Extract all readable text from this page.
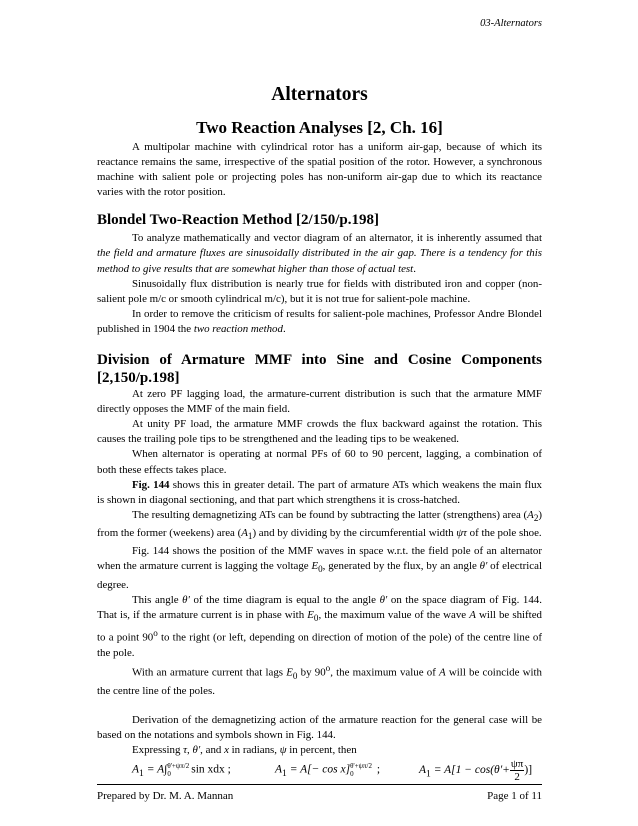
03-Alternators
Alternators
Two Reaction Analyses [2, Ch. 16]

A multipolar machine with cylindrical rotor has a uniform air-gap, because of which its reactance remains the same, irrespective of the spatial position of the rotor. However, a synchronous machine with salient pole or projecting poles has non-uniform air-gap due to which its reactance varies with the rotor position.

Blondel Two-Reaction Method [2/150/p.198]

To analyze mathematically and vector diagram of an alternator, it is inherently assumed that the field and armature fluxes are sinusoidally distributed in the air gap. There is a tendency for this method to give results that are somewhat higher than those of actual test.

Sinusoidally flux distribution is nearly true for fields with distributed iron and copper (non-salient pole m/c or smooth cylindrical m/c), but it is not true for salient-pole machine.

In order to remove the criticism of results for salient-pole machines, Professor Andre Blondel published in 1904 the two reaction method.

Division of Armature MMF into Sine and Cosine Components [2,150/p.198]

At zero PF lagging load, the armature-current distribution is such that the armature MMF directly opposes the MMF of the main field.

At unity PF load, the armature MMF crowds the flux backward against the rotation. This causes the trailing pole tips to be strengthened and the leading tips to be weakened.

When alternator is operating at normal PFs of 60 to 90 percent, lagging, a combination of both these effects takes place.

Fig. 144 shows this in greater detail. The part of armature ATs which weakens the main flux is shown in diagonal sectioning, and that part which strengthens it is cross-hatched.

The resulting demagnetizing ATs can be found by subtracting the latter (strengthens) area $(A_2)$ from the former (weekens) area $(A_1)$ and by dividing by the circumferential width ψτ of the pole shoe.

Fig. 144 shows the position of the MMF waves in space w.r.t. the field pole of an alternator when the armature current is lagging the voltage $E_0$, generated by the flux, by an angle θ' of electrical degree.

This angle θ' of the time diagram is equal to the angle θ' on the space diagram of Fig. 144. That is, if the armature current is in phase with $E_0$, the maximum value of the wave A will be shifted to a point 90$^o$ to the right (or left, depending on direction of motion of the pole) of the centre line of the pole.

With an armature current that lags $E_0$ by 90$^o$, the maximum value of A will be coincide with the centre line of the poles.

Derivation of the demagnetizing action of the armature reaction for the general case will be based on the notations and symbols shown in Fig. 144.

Expressing τ, θ', and x in radians, ψ in percent, then

$A_1 = A\int$ θ'+ψπ/2
0	sin xdx ;	$A_1 = A[- \cos x]$ θ'+ψπ/2
0	;	$A_1 = A[1 - \cos(\theta'+ \frac{\psi\pi}{2}$ )]
Prepared by Dr. M. A. Mannan	Page 1 of 11
